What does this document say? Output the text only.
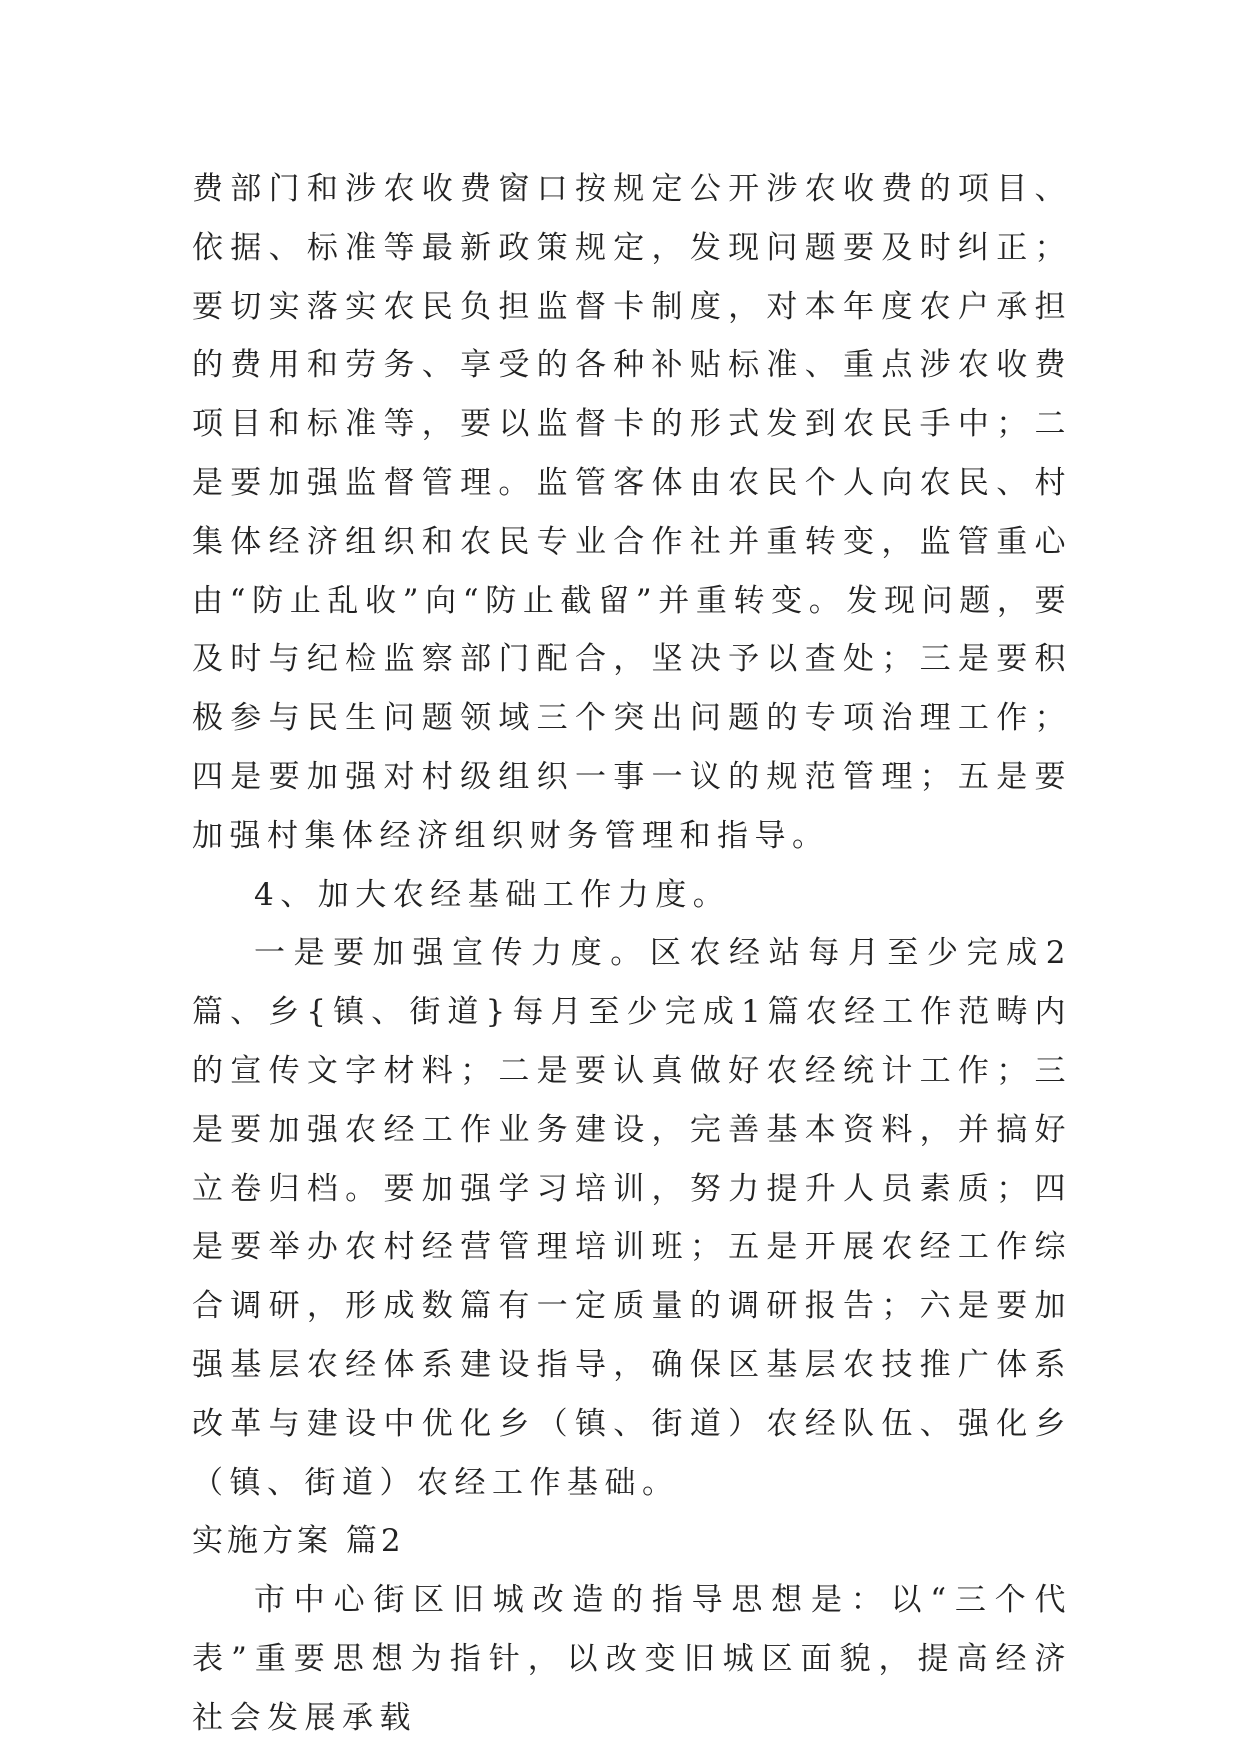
费部门和涉农收费窗口按规定公开涉农收费的项目、依据、标准等最新政策规定，发现问题要及时纠正；要切实落实农民负担监督卡制度，对本年度农户承担的费用和劳务、享受的各种补贴标准、重点涉农收费项目和标准等，要以监督卡的形式发到农民手中；二是要加强监督管理。监管客体由农民个人向农民、村集体经济组织和农民专业合作社并重转变，监管重心由“防止乱收”向“防止截留”并重转变。发现问题，要及时与纪检监察部门配合，坚决予以查处；三是要积极参与民生问题领域三个突出问题的专项治理工作；四是要加强对村级组织一事一议的规范管理；五是要加强村集体经济组织财务管理和指导。

4、加大农经基础工作力度。

一是要加强宣传力度。区农经站每月至少完成2篇、乡{镇、街道}每月至少完成1篇农经工作范畴内的宣传文字材料；二是要认真做好农经统计工作；三是要加强农经工作业务建设，完善基本资料，并搞好立卷归档。要加强学习培训，努力提升人员素质；四是要举办农村经营管理培训班；五是开展农经工作综合调研，形成数篇有一定质量的调研报告；六是要加强基层农经体系建设指导，确保区基层农技推广体系改革与建设中优化乡（镇、街道）农经队伍、强化乡（镇、街道）农经工作基础。

实施方案 篇2

市中心街区旧城改造的指导思想是：以“三个代表”重要思想为指针，以改变旧城区面貌，提高经济社会发展承载
